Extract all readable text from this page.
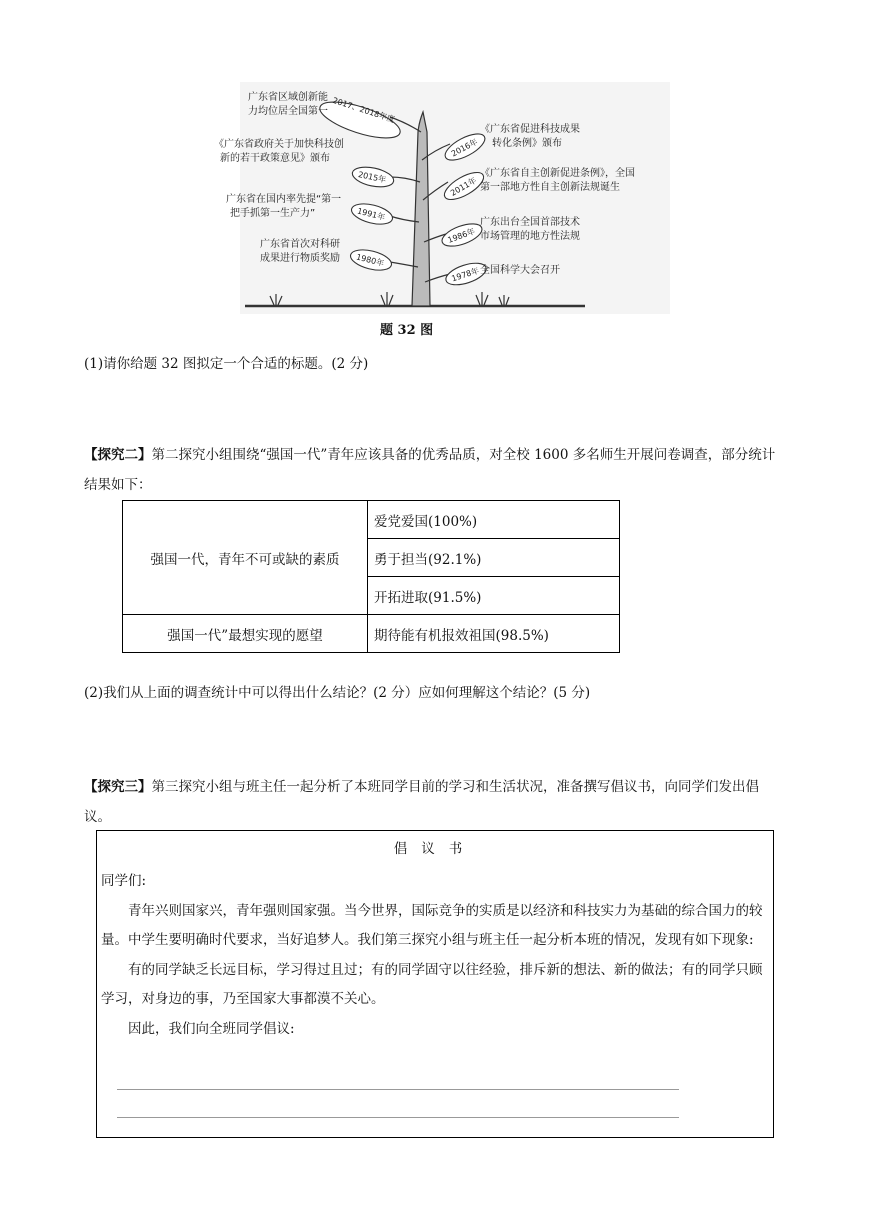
2017、2018年度
2016年
2015年	2011年
1991年
1986年
1980年
1978年
广东省区域创新能
力均位居全国第一
《广东省政府关于加快科技创
新的若干政策意见》颁布
广东省在国内率先提“第一
把手抓第一生产力”
广东省首次对科研
成果进行物质奖励
《广东省促进科技成果
转化条例》颁布
《广东省自主创新促进条例》，全国
第一部地方性自主创新法规诞生
广东出台全国首部技术
市场管理的地方性法规
全国科学大会召开
题 32 图
(1)请你给题 32 图拟定一个合适的标题。(2 分)
【探究二】第二探究小组围绕“强国一代”青年应该具备的优秀品质，对全校 1600 多名师生开展问卷调查，部分统计结果如下：
强国一代，青年不可或缺的素质	爱党爱国(100%)
	勇于担当(92.1%)
	开拓进取(91.5%)
强国一代”最想实现的愿望	期待能有机报效祖国(98.5%)
(2)我们从上面的调查统计中可以得出什么结论？(2 分）应如何理解这个结论？(5 分)
【探究三】第三探究小组与班主任一起分析了本班同学目前的学习和生活状况，准备撰写倡议书，向同学们发出倡议。
倡议书
同学们:
青年兴则国家兴，青年强则国家强。当今世界，国际竞争的实质是以经济和科技实力为基础的综合国力的较量。中学生要明确时代要求，当好追梦人。我们第三探究小组与班主任一起分析本班的情况，发现有如下现象:
有的同学缺乏长远目标，学习得过且过；有的同学固守以往经验，排斥新的想法、新的做法；有的同学只顾学习，对身边的事，乃至国家大事都漠不关心。
因此，我们向全班同学倡议:
